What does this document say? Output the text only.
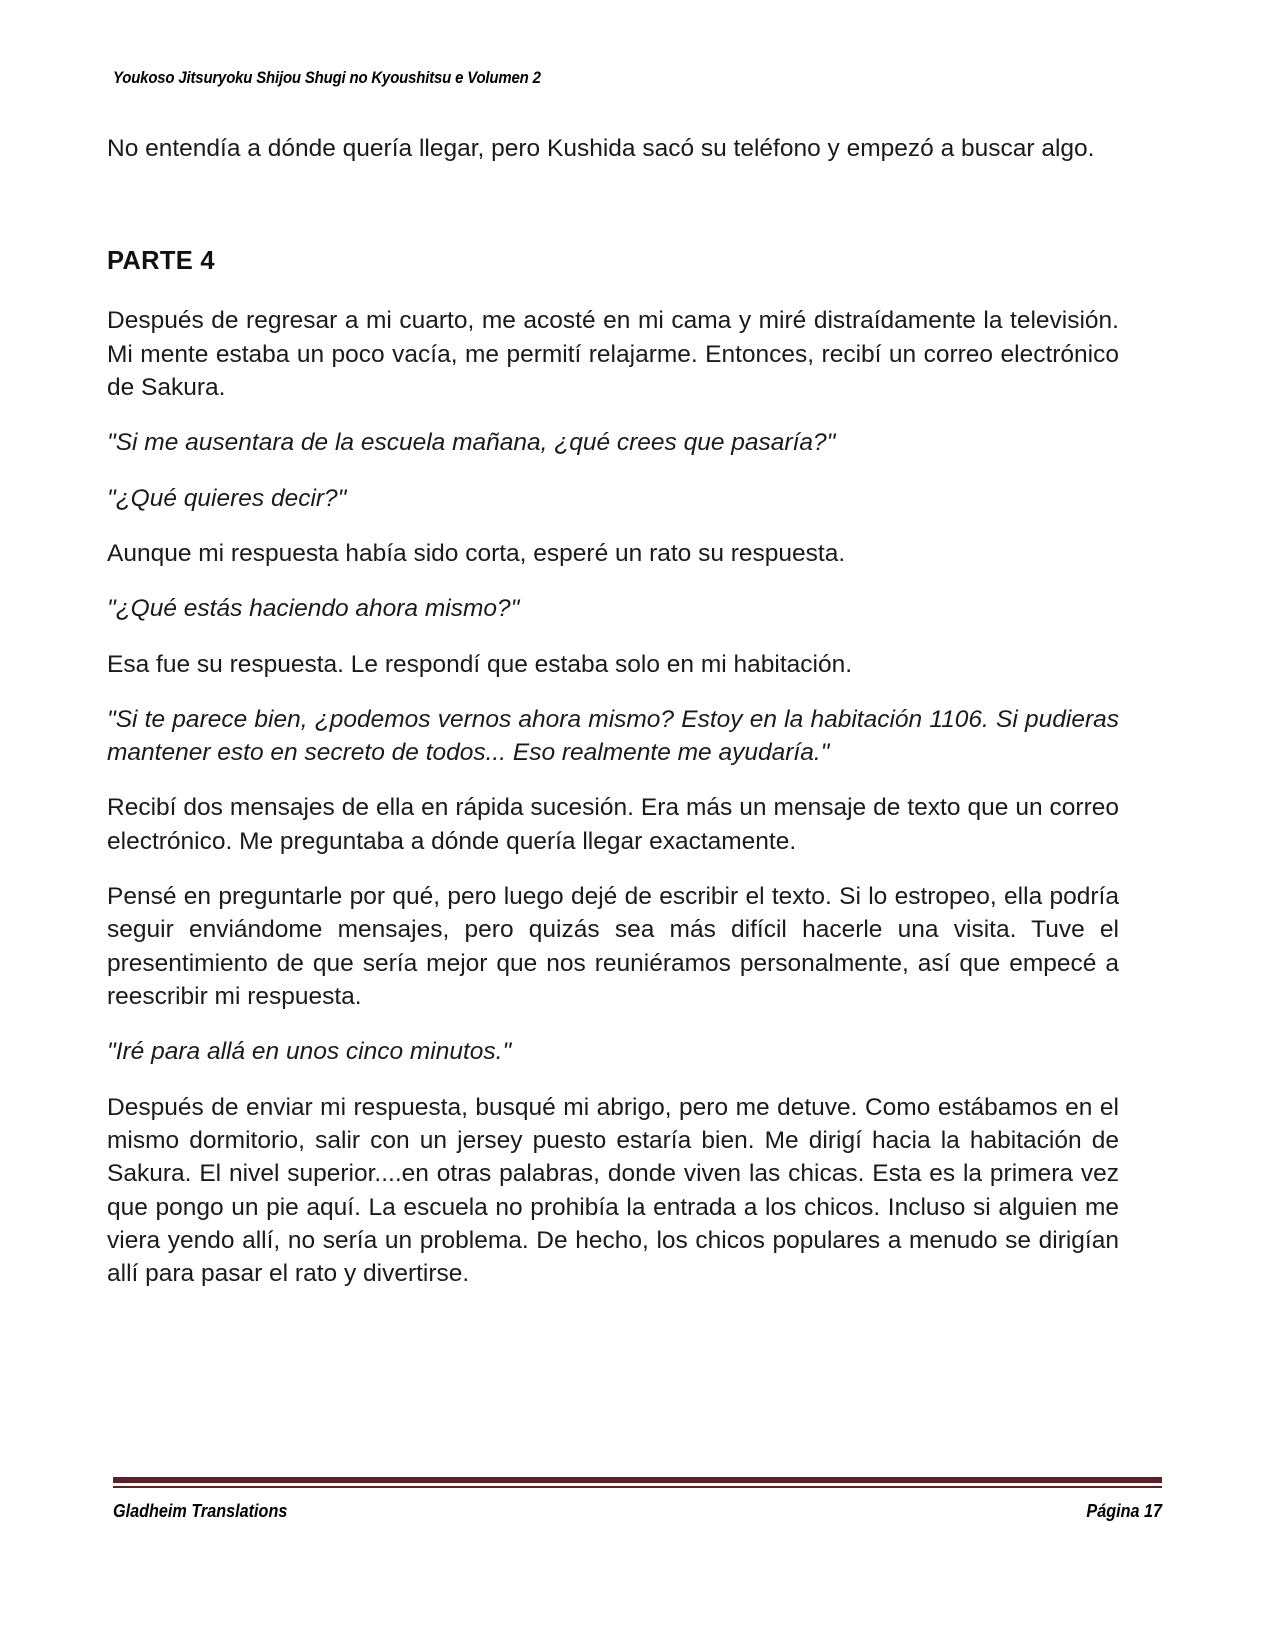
Youkoso Jitsuryoku Shijou Shugi no Kyoushitsu e Volumen 2

No entendía a dónde quería llegar, pero Kushida sacó su teléfono y empezó a buscar algo.

PARTE 4

Después de regresar a mi cuarto, me acosté en mi cama y miré distraídamente la televisión. Mi mente estaba un poco vacía, me permití relajarme. Entonces, recibí un correo electrónico de Sakura.

"Si me ausentara de la escuela mañana, ¿qué crees que pasaría?"

"¿Qué quieres decir?"

Aunque mi respuesta había sido corta, esperé un rato su respuesta.

"¿Qué estás haciendo ahora mismo?"

Esa fue su respuesta. Le respondí que estaba solo en mi habitación.

"Si te parece bien, ¿podemos vernos ahora mismo? Estoy en la habitación 1106. Si pudieras mantener esto en secreto de todos... Eso realmente me ayudaría."

Recibí dos mensajes de ella en rápida sucesión. Era más un mensaje de texto que un correo electrónico. Me preguntaba a dónde quería llegar exactamente.

Pensé en preguntarle por qué, pero luego dejé de escribir el texto. Si lo estropeo, ella podría seguir enviándome mensajes, pero quizás sea más difícil hacerle una visita. Tuve el presentimiento de que sería mejor que nos reuniéramos personalmente, así que empecé a reescribir mi respuesta.

"Iré para allá en unos cinco minutos."

Después de enviar mi respuesta, busqué mi abrigo, pero me detuve. Como estábamos en el mismo dormitorio, salir con un jersey puesto estaría bien. Me dirigí hacia la habitación de Sakura. El nivel superior....en otras palabras, donde viven las chicas. Esta es la primera vez que pongo un pie aquí. La escuela no prohibía la entrada a los chicos. Incluso si alguien me viera yendo allí, no sería un problema. De hecho, los chicos populares a menudo se dirigían allí para pasar el rato y divertirse.

Gladheim Translations	Página 17
